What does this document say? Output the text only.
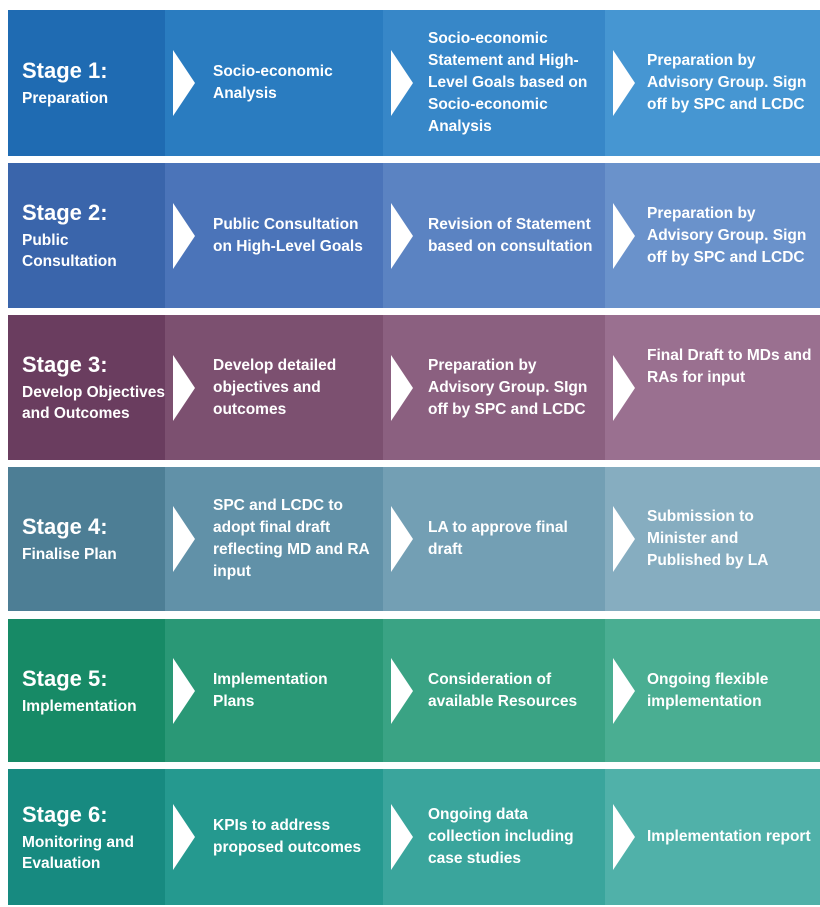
Stage 1:
Preparation
Socio-economic Analysis
Socio-economic Statement and High-Level Goals based on Socio-economic Analysis
Preparation by Advisory Group. Sign off by SPC and LCDC
Stage 2:
Public Consultation
Public Consultation on High-Level Goals
Revision of Statement based on consultation
Preparation by Advisory Group. Sign off by SPC and LCDC
Stage 3:
Develop Objectives and Outcomes
Develop detailed objectives and outcomes
Preparation by Advisory Group. SIgn off by SPC and LCDC
Final Draft to MDs and RAs for input
Stage 4:
Finalise Plan
SPC and LCDC to adopt final draft reflecting MD and RA input
LA to approve final draft
Submission to Minister and Published by LA
Stage 5:
Implementation
Implementation Plans
Consideration of available Resources
Ongoing flexible implementation
Stage 6:
Monitoring and Evaluation
KPIs to address proposed outcomes
Ongoing data collection including case studies
Implementation report
